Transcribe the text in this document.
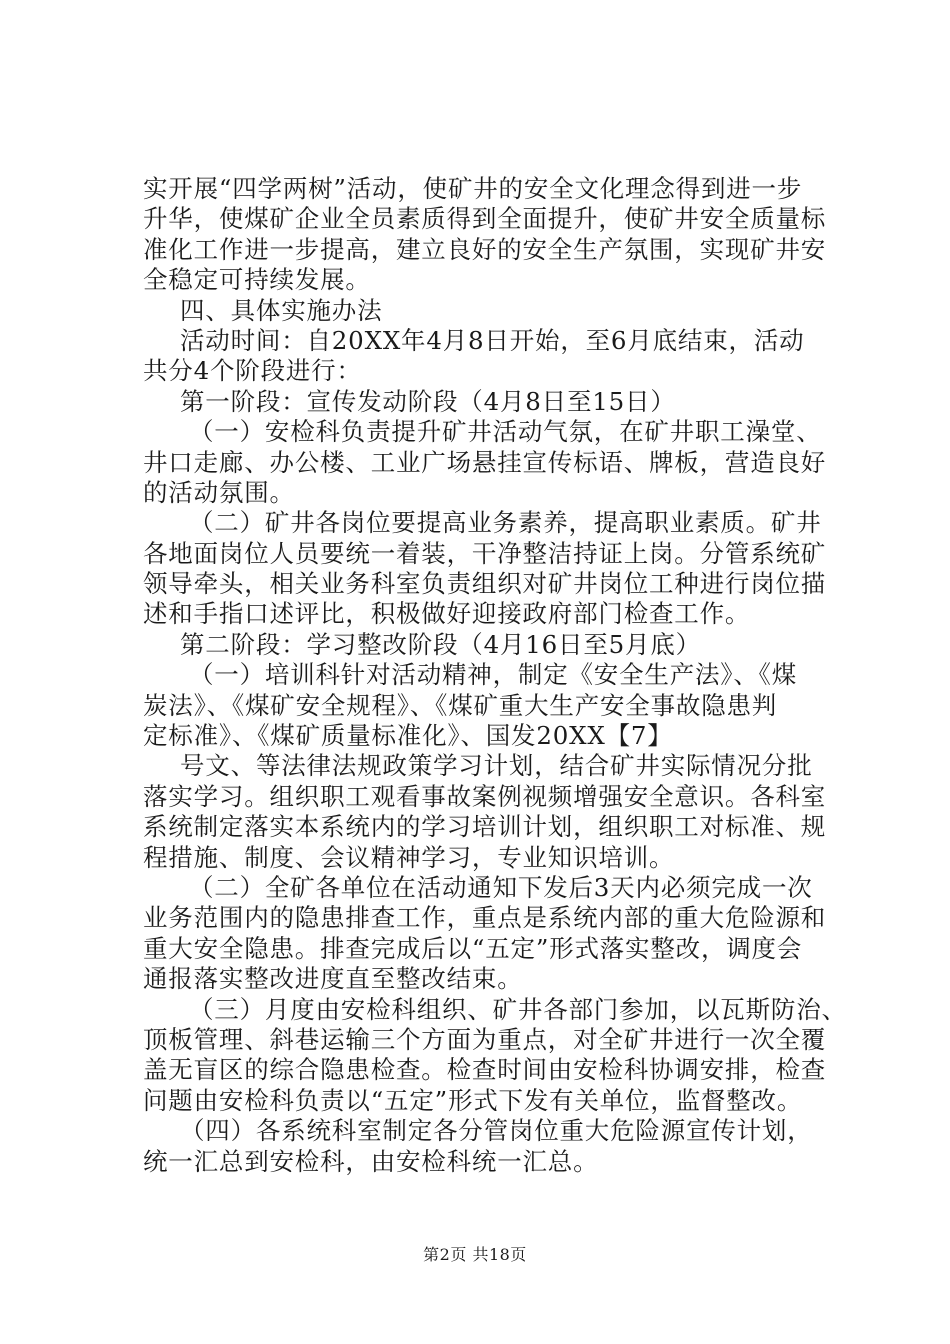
实开展“四学两树”活动，使矿井的安全文化理念得到进一步
升华，使煤矿企业全员素质得到全面提升，使矿井安全质量标
准化工作进一步提高，建立良好的安全生产氛围，实现矿井安
全稳定可持续发展。
四、具体实施办法
活动时间：自20XX年4月8日开始，至6月底结束，活动
共分4个阶段进行：
第一阶段：宣传发动阶段（4月8日至15日）
（一）安检科负责提升矿井活动气氛，在矿井职工澡堂、
井口走廊、办公楼、工业广场悬挂宣传标语、牌板，营造良好
的活动氛围。
（二）矿井各岗位要提高业务素养，提高职业素质。矿井
各地面岗位人员要统一着装，干净整洁持证上岗。分管系统矿
领导牵头，相关业务科室负责组织对矿井岗位工种进行岗位描
述和手指口述评比，积极做好迎接政府部门检查工作。
第二阶段：学习整改阶段（4月16日至5月底）
（一）培训科针对活动精神，制定《安全生产法》、《煤
炭法》、《煤矿安全规程》、《煤矿重大生产安全事故隐患判
定标准》、《煤矿质量标准化》、国发20XX【7】
号文、等法律法规政策学习计划，结合矿井实际情况分批
落实学习。组织职工观看事故案例视频增强安全意识。各科室
系统制定落实本系统内的学习培训计划，组织职工对标准、规
程措施、制度、会议精神学习，专业知识培训。
（二）全矿各单位在活动通知下发后3天内必须完成一次
业务范围内的隐患排查工作，重点是系统内部的重大危险源和
重大安全隐患。排查完成后以“五定”形式落实整改，调度会
通报落实整改进度直至整改结束。
（三）月度由安检科组织、矿井各部门参加，以瓦斯防治、
顶板管理、斜巷运输三个方面为重点，对全矿井进行一次全覆
盖无盲区的综合隐患检查。检查时间由安检科协调安排，检查
问题由安检科负责以“五定”形式下发有关单位，监督整改。
（四）各系统科室制定各分管岗位重大危险源宣传计划，
统一汇总到安检科，由安检科统一汇总。
第2页 共18页
